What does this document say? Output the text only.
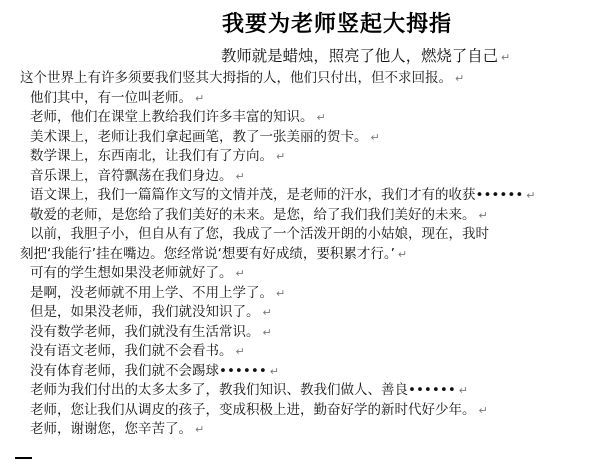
我要为老师竖起大拇指
教师就是蜡烛，照亮了他人，燃烧了自己 ↵
这个世界上有许多须要我们竖其大拇指的人，他们只付出，但不求回报。 ↵
他们其中，有一位叫老师。 ↵
老师，他们在课堂上教给我们许多丰富的知识。 ↵
美术课上，老师让我们拿起画笔，教了一张美丽的贺卡。 ↵
数学课上，东西南北，让我们有了方向。 ↵
音乐课上，音符飘荡在我们身边。 ↵
语文课上，我们一篇篇作文写的文情并茂，是老师的汗水，我们才有的收获•••••• ↵
敬爱的老师，是您给了我们美好的未来。是您，给了我们我们美好的未来。 ↵
以前，我胆子小，但自从有了您，我成了一个活泼开朗的小姑娘，现在，我时
刻把‘我能行’挂在嘴边。您经常说‘想要有好成绩，要积累才行。’ ↵
可有的学生想如果没老师就好了。 ↵
是啊，没老师就不用上学、不用上学了。 ↵
但是，如果没老师，我们就没知识了。 ↵
没有数学老师，我们就没有生活常识。 ↵
没有语文老师，我们就不会看书。 ↵
没有体育老师，我们就不会踢球•••••• ↵
老师为我们付出的太多太多了，教我们知识、教我们做人、善良•••••• ↵
老师，您让我们从调皮的孩子，变成积极上进，勤奋好学的新时代好少年。 ↵
老师，谢谢您，您辛苦了。 ↵
